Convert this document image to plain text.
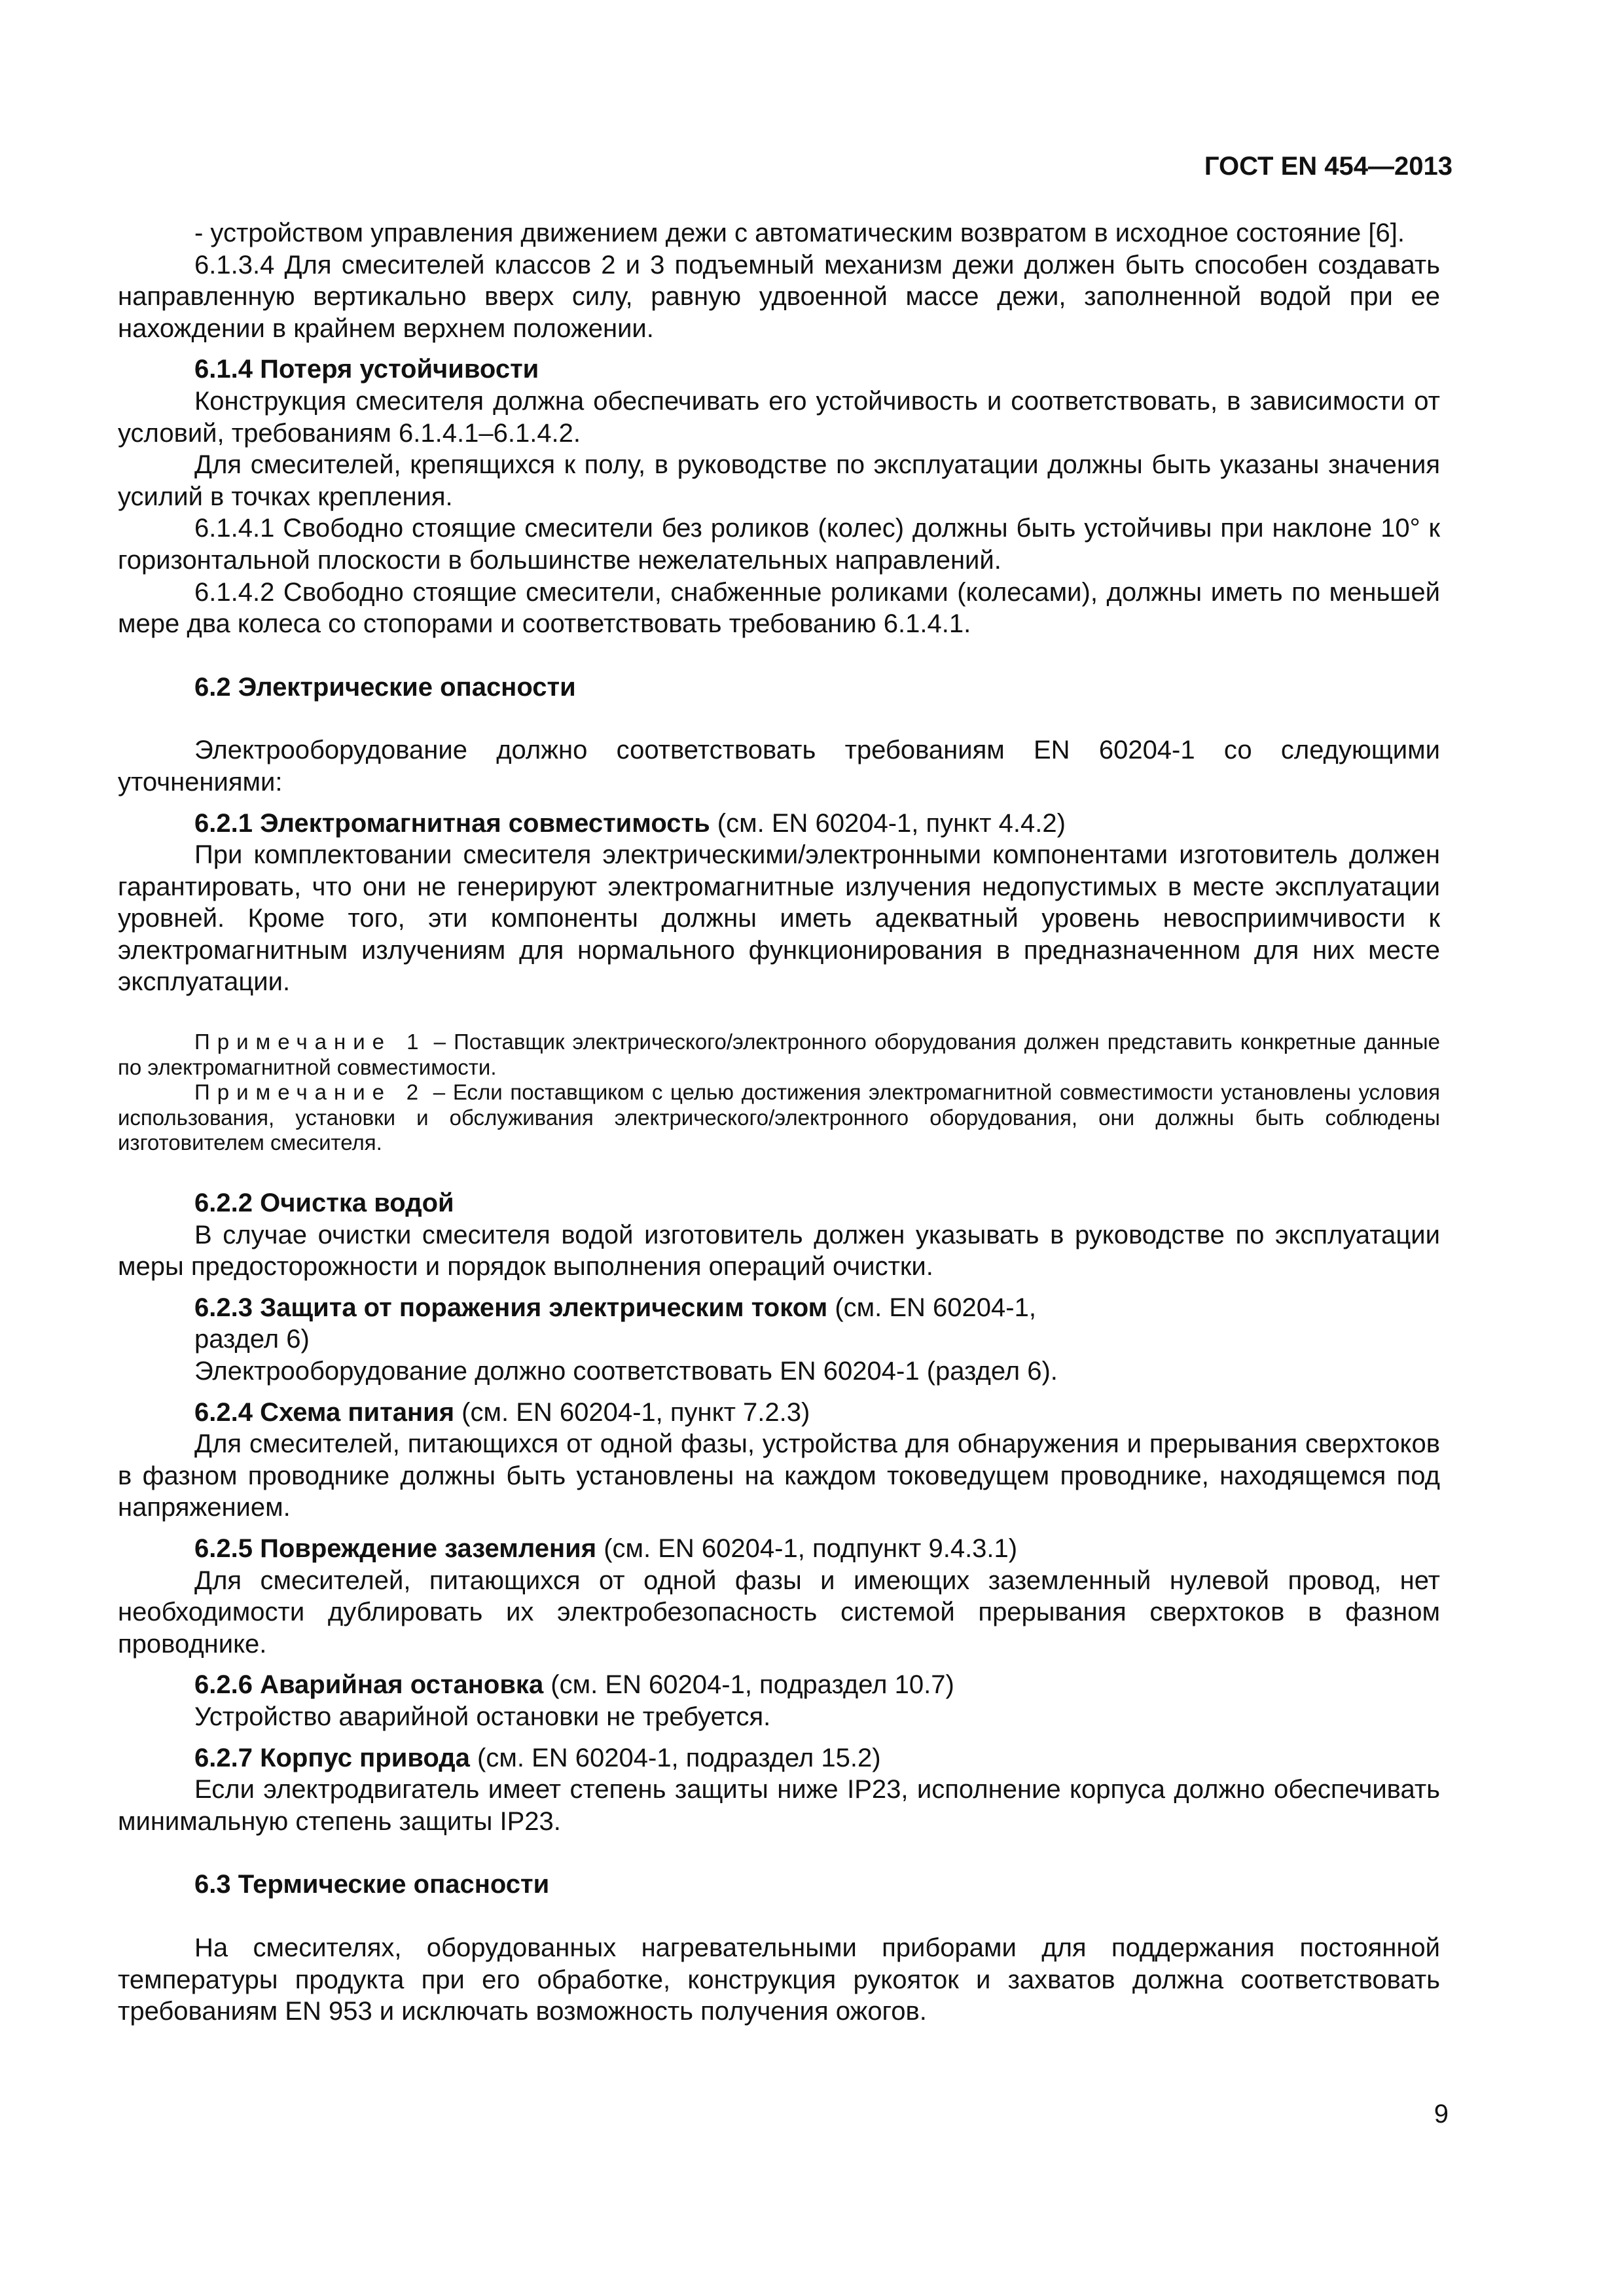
ГОСТ EN 454—2013

- устройством управления движением дежи с автоматическим возвратом в исходное состояние [6].

6.1.3.4 Для смесителей классов 2 и 3 подъемный механизм дежи должен быть способен создавать направленную вертикально вверх силу, равную удвоенной массе дежи, заполненной водой при ее нахождении в крайнем верхнем положении.

6.1.4 Потеря устойчивости

Конструкция смесителя должна обеспечивать его устойчивость и соответствовать, в зависимости от условий, требованиям 6.1.4.1–6.1.4.2.

Для смесителей, крепящихся к полу, в руководстве по эксплуатации должны быть указаны значения усилий в точках крепления.

6.1.4.1 Свободно стоящие смесители без роликов (колес) должны быть устойчивы при наклоне 10° к горизонтальной плоскости в большинстве нежелательных направлений.

6.1.4.2 Свободно стоящие смесители, снабженные роликами (колесами), должны иметь по меньшей мере два колеса со стопорами и соответствовать требованию 6.1.4.1.

6.2 Электрические опасности

Электрооборудование должно соответствовать требованиям EN 60204-1 со следующими уточнениями:

6.2.1 Электромагнитная совместимость (см. EN 60204-1, пункт 4.4.2)

При комплектовании смесителя электрическими/электронными компонентами изготовитель должен гарантировать, что они не генерируют электромагнитные излучения недопустимых в месте эксплуатации уровней. Кроме того, эти компоненты должны иметь адекватный уровень невосприимчивости к электромагнитным излучениям для нормального функционирования в предназначенном для них месте эксплуатации.

Примечание 1 – Поставщик электрического/электронного оборудования должен представить конкретные данные по электромагнитной совместимости.

Примечание 2 – Если поставщиком с целью достижения электромагнитной совместимости установлены условия использования, установки и обслуживания электрического/электронного оборудования, они должны быть соблюдены изготовителем смесителя.

6.2.2 Очистка водой

В случае очистки смесителя водой изготовитель должен указывать в руководстве по эксплуатации меры предосторожности и порядок выполнения операций очистки.

6.2.3 Защита от поражения электрическим током (см. EN 60204-1,

раздел 6)

Электрооборудование должно соответствовать EN 60204-1 (раздел 6).

6.2.4 Схема питания (см. EN 60204-1, пункт 7.2.3)

Для смесителей, питающихся от одной фазы, устройства для обнаружения и прерывания сверхтоков в фазном проводнике должны быть установлены на каждом токоведущем проводнике, находящемся под напряжением.

6.2.5 Повреждение заземления (см. EN 60204-1, подпункт 9.4.3.1)

Для смесителей, питающихся от одной фазы и имеющих заземленный нулевой провод, нет необходимости дублировать их электробезопасность системой прерывания сверхтоков в фазном проводнике.

6.2.6 Аварийная остановка (см. EN 60204-1, подраздел 10.7)

Устройство аварийной остановки не требуется.

6.2.7 Корпус привода (см. EN 60204-1, подраздел 15.2)

Если электродвигатель имеет степень защиты ниже IP23, исполнение корпуса должно обеспечивать минимальную степень защиты IP23.

6.3 Термические опасности

На смесителях, оборудованных нагревательными приборами для поддержания постоянной температуры продукта при его обработке, конструкция рукояток и захватов должна соответствовать требованиям EN 953 и исключать возможность получения ожогов.

9
